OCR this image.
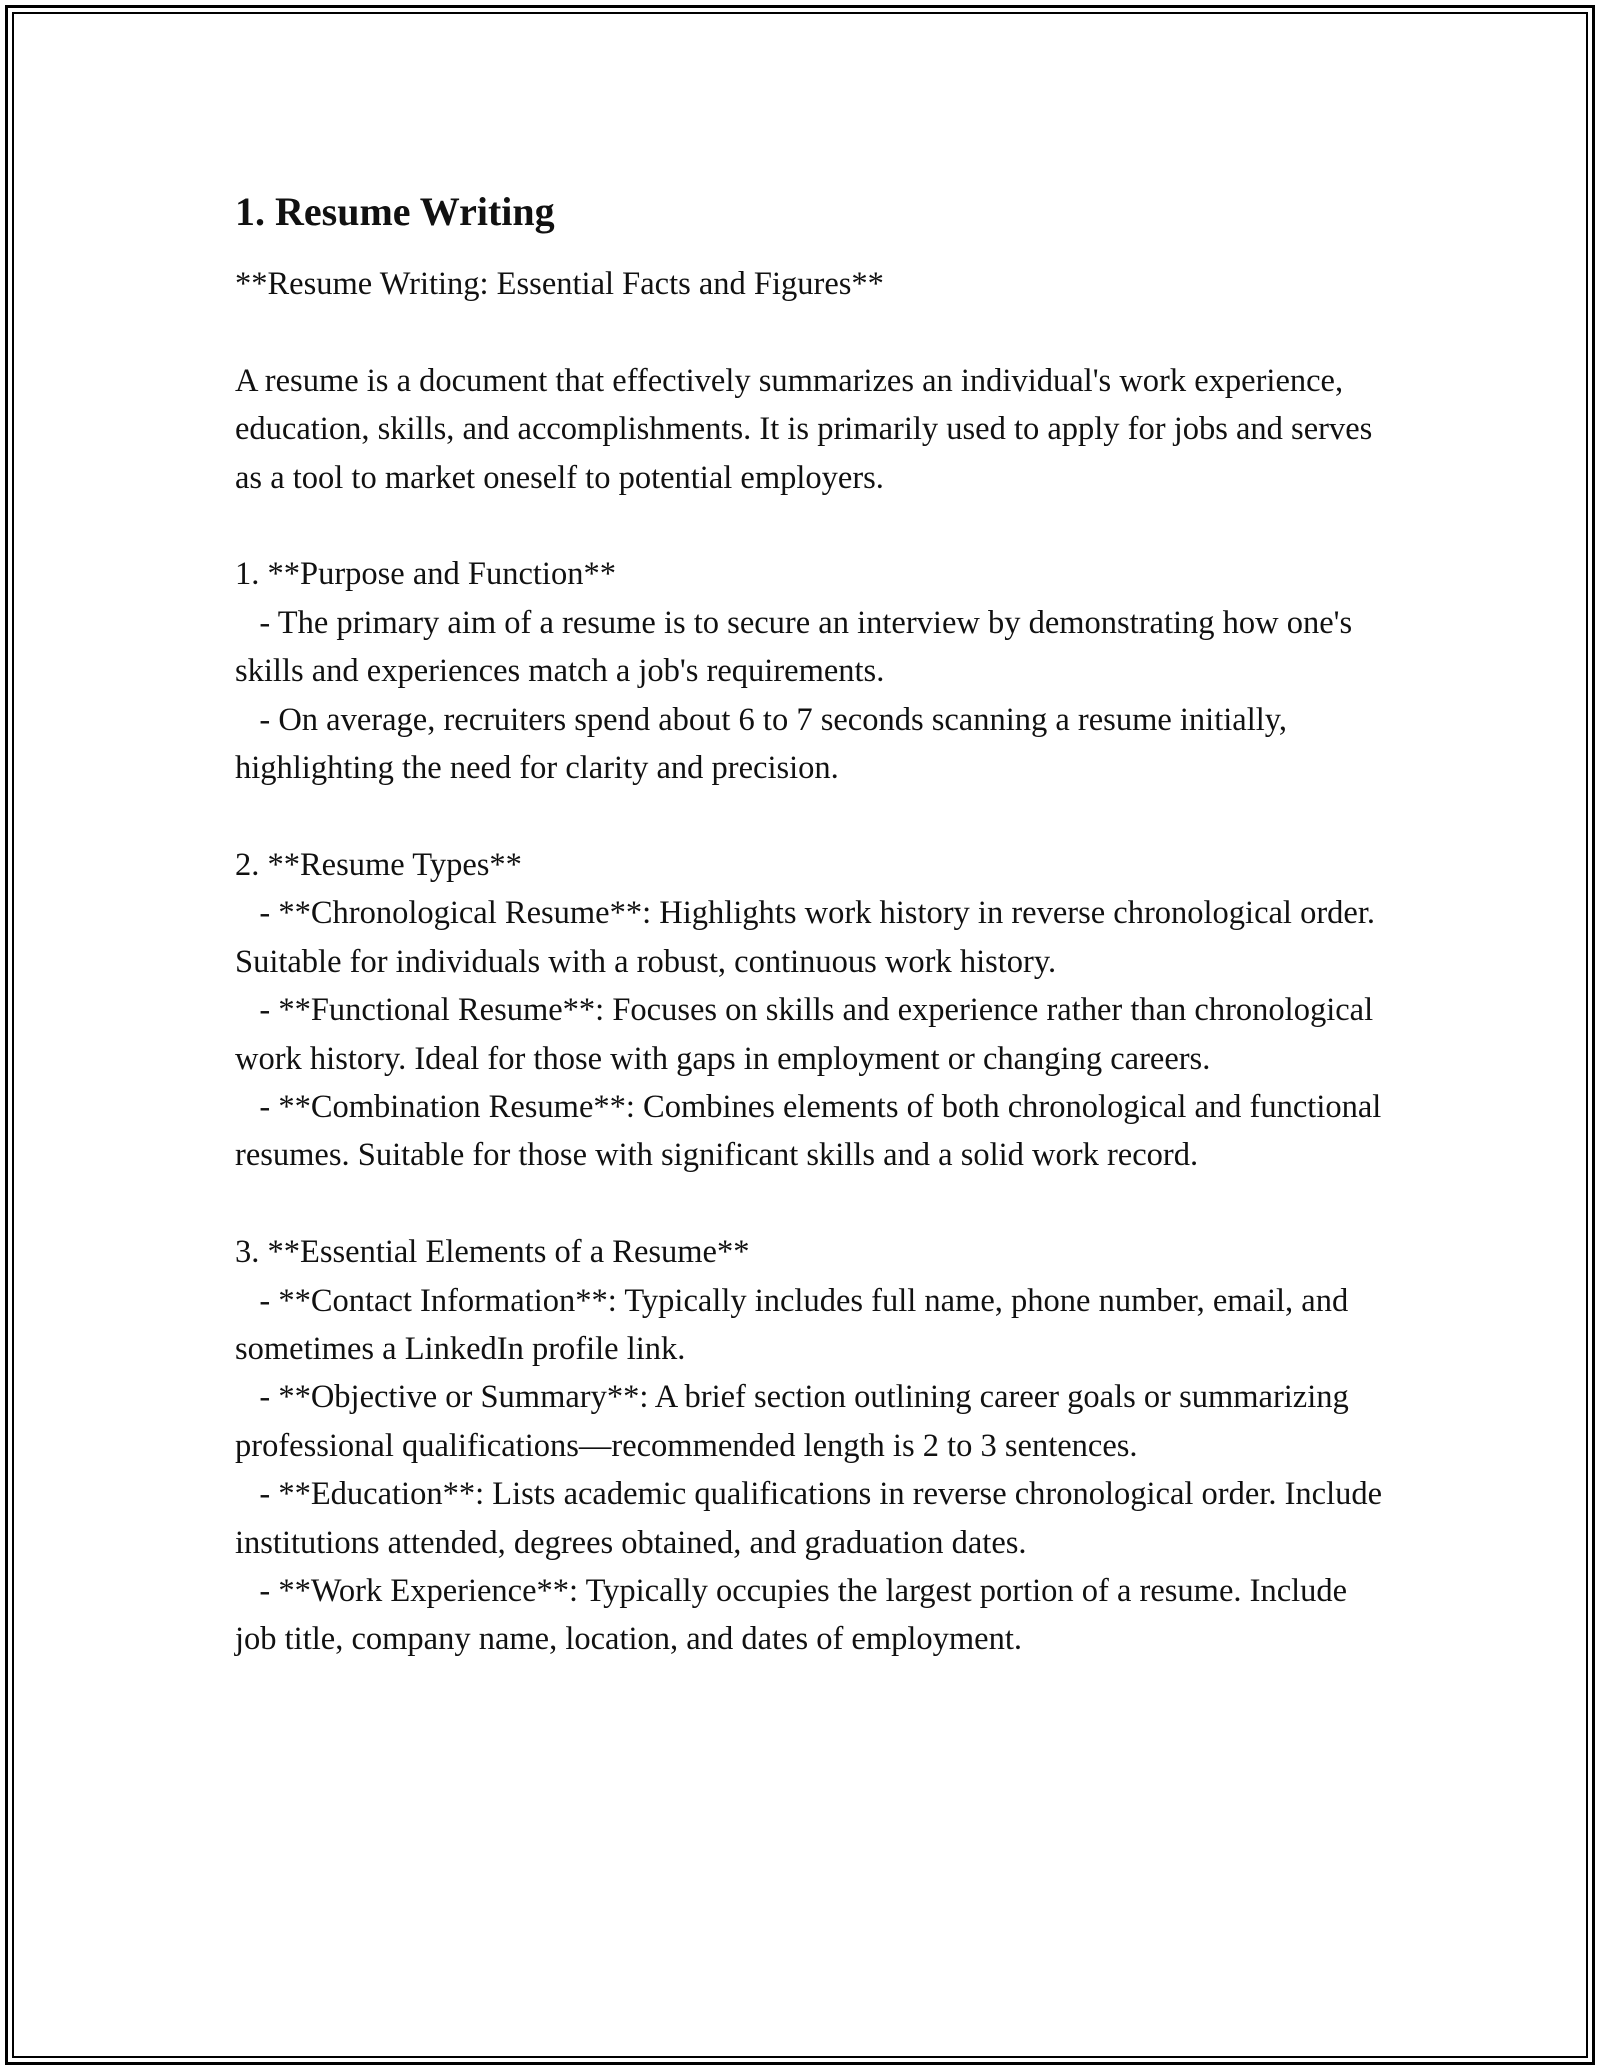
1. Resume Writing

**Resume Writing: Essential Facts and Figures**

A resume is a document that effectively summarizes an individual's work experience, education, skills, and accomplishments. It is primarily used to apply for jobs and serves as a tool to market oneself to potential employers.

1. **Purpose and Function**
- The primary aim of a resume is to secure an interview by demonstrating how one's skills and experiences match a job's requirements.
- On average, recruiters spend about 6 to 7 seconds scanning a resume initially, highlighting the need for clarity and precision.

2. **Resume Types**
- **Chronological Resume**: Highlights work history in reverse chronological order. Suitable for individuals with a robust, continuous work history.
- **Functional Resume**: Focuses on skills and experience rather than chronological work history. Ideal for those with gaps in employment or changing careers.
- **Combination Resume**: Combines elements of both chronological and functional resumes. Suitable for those with significant skills and a solid work record.

3. **Essential Elements of a Resume**
- **Contact Information**: Typically includes full name, phone number, email, and sometimes a LinkedIn profile link.
- **Objective or Summary**: A brief section outlining career goals or summarizing professional qualifications—recommended length is 2 to 3 sentences.
- **Education**: Lists academic qualifications in reverse chronological order. Include institutions attended, degrees obtained, and graduation dates.
- **Work Experience**: Typically occupies the largest portion of a resume. Include job title, company name, location, and dates of employment.
